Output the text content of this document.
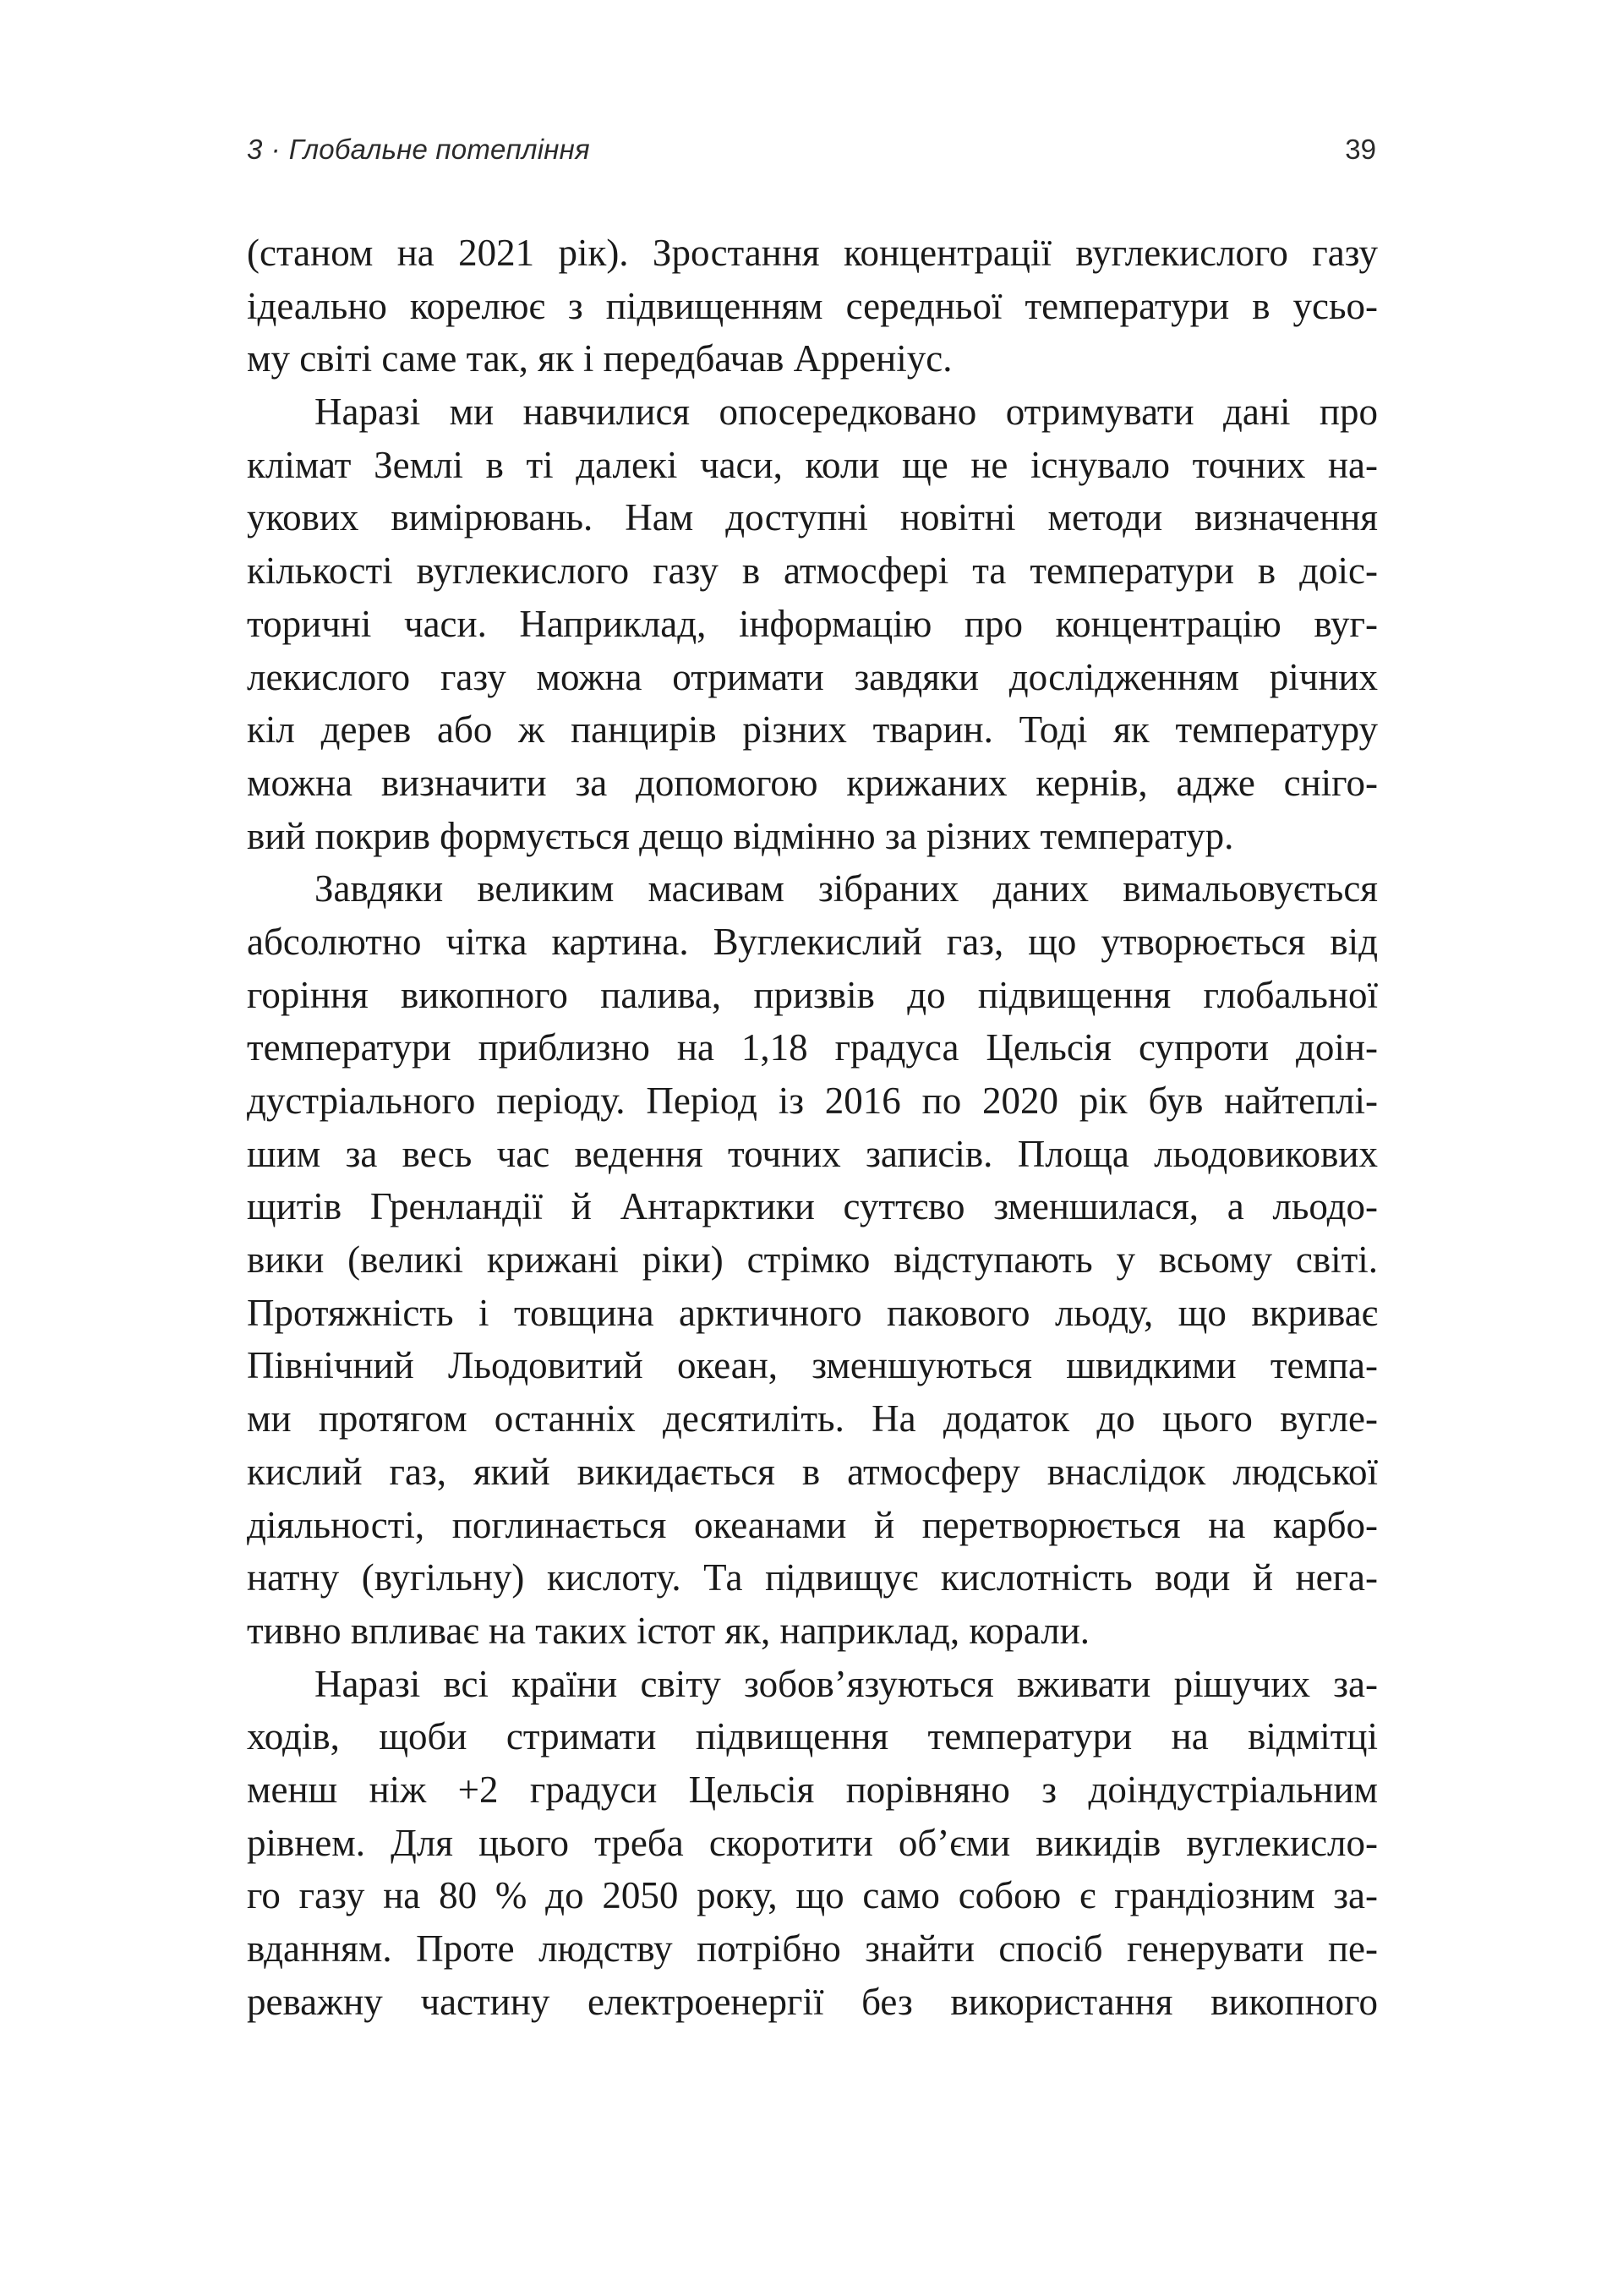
3 · Глобальне потепління	39
(станом на 2021 рік). Зростання концентрації вуглекислого газу
ідеально корелює з підвищенням середньої температури в усьо-
му світі саме так, як і передбачав Арреніус.
Наразі ми навчилися опосередковано отримувати дані про
клімат Землі в ті далекі часи, коли ще не існувало точних на-
укових вимірювань. Нам доступні новітні методи визначення
кількості вуглекислого газу в атмосфері та температури в доіс-
торичні часи. Наприклад, інформацію про концентрацію вуг-
лекислого газу можна отримати завдяки дослідженням річних
кіл дерев або ж панцирів різних тварин. Тоді як температуру
можна визначити за допомогою крижаних кернів, адже сніго-
вий покрив формується дещо відмінно за різних температур.
Завдяки великим масивам зібраних даних вимальовується
абсолютно чітка картина. Вуглекислий газ, що утворюється від
горіння викопного палива, призвів до підвищення глобальної
температури приблизно на 1,18 градуса Цельсія супроти доін-
дустріального періоду. Період із 2016 по 2020 рік був найтеплі-
шим за весь час ведення точних записів. Площа льодовикових
щитів Гренландії й Антарктики суттєво зменшилася, а льодо-
вики (великі крижані ріки) стрімко відступають у всьому світі.
Протяжність і товщина арктичного пакового льоду, що вкриває
Північний Льодовитий океан, зменшуються швидкими темпа-
ми протягом останніх десятиліть. На додаток до цього вугле-
кислий газ, який викидається в атмосферу внаслідок людської
діяльності, поглинається океанами й перетворюється на карбо-
натну (вугільну) кислоту. Та підвищує кислотність води й нега-
тивно впливає на таких істот як, наприклад, корали.
Наразі всі країни світу зобов’язуються вживати рішучих за-
ходів, щоби стримати підвищення температури на відмітці
менш ніж +2 градуси Цельсія порівняно з доіндустріальним
рівнем. Для цього треба скоротити об’єми викидів вуглекисло-
го газу на 80 % до 2050 року, що само собою є грандіозним за-
вданням. Проте людству потрібно знайти спосіб генерувати пе-
реважну частину електроенергії без використання викопного
